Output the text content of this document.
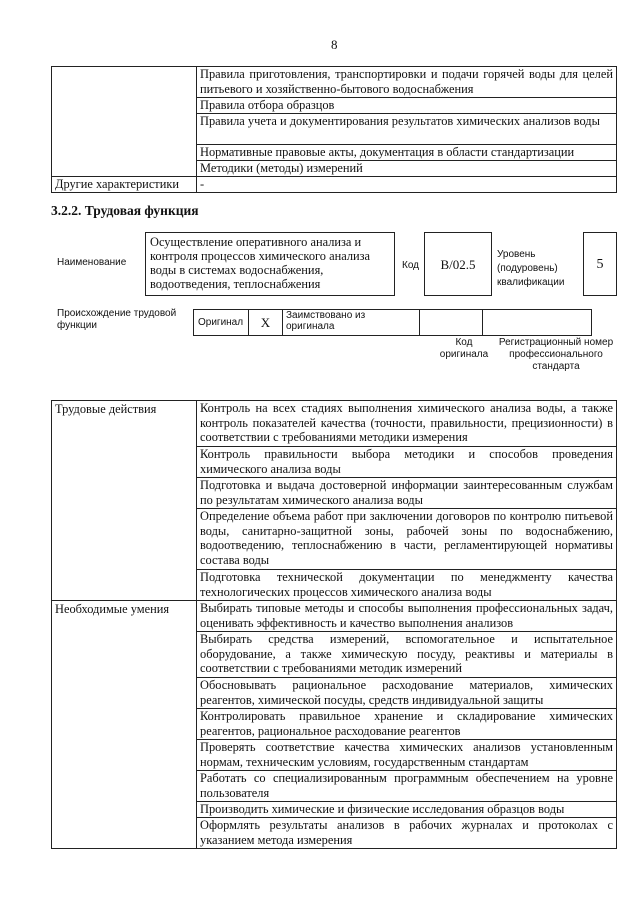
8
	Правила приготовления, транспортировки и подачи горячей воды для целей питьевого и хозяйственно-бытового водоснабжения
	Правила отбора образцов
	Правила учета и документирования результатов химических анализов воды
	Нормативные правовые акты, документация в области стандартизации
	Методики (методы) измерений
Другие характеристики	-
3.2.2. Трудовая функция
Наименование
Осуществление оперативного анализа и контроля процессов химического анализа воды в системах водоснабжения, водоотведения, теплоснабжения
Код	B/02.5
Уровень (подуровень) квалификации
5
Происхождение трудовой функции	Оригинал	X	Заимствовано из оригинала		
Код оригинала
Регистрационный номер профессионального стандарта
Трудовые действия	Контроль на всех стадиях выполнения химического анализа воды, а также контроль показателей качества (точности, правильности, прецизионности) в соответствии с требованиями методики измерения
	Контроль правильности выбора методики и способов проведения химического анализа воды
	Подготовка и выдача достоверной информации заинтересованным службам по результатам химического анализа воды
	Определение объема работ при заключении договоров по контролю питьевой воды, санитарно-защитной зоны, рабочей зоны по водоснабжению, водоотведению, теплоснабжению в части, регламентирующей нормативы состава воды
	Подготовка технической документации по менеджменту качества технологических процессов химического анализа воды
Необходимые умения	Выбирать типовые методы и способы выполнения профессиональных задач, оценивать эффективность и качество выполнения анализов
	Выбирать средства измерений, вспомогательное и испытательное оборудование, а также химическую посуду, реактивы и материалы в соответствии с требованиями методик измерений
	Обосновывать рациональное расходование материалов, химических реагентов, химической посуды, средств индивидуальной защиты
	Контролировать правильное хранение и складирование химических реагентов, рациональное расходование реагентов
	Проверять соответствие качества химических анализов установленным нормам, техническим условиям, государственным стандартам
	Работать со специализированным программным обеспечением на уровне пользователя
	Производить химические и физические исследования образцов воды
	Оформлять результаты анализов в рабочих журналах и протоколах с указанием метода измерения
